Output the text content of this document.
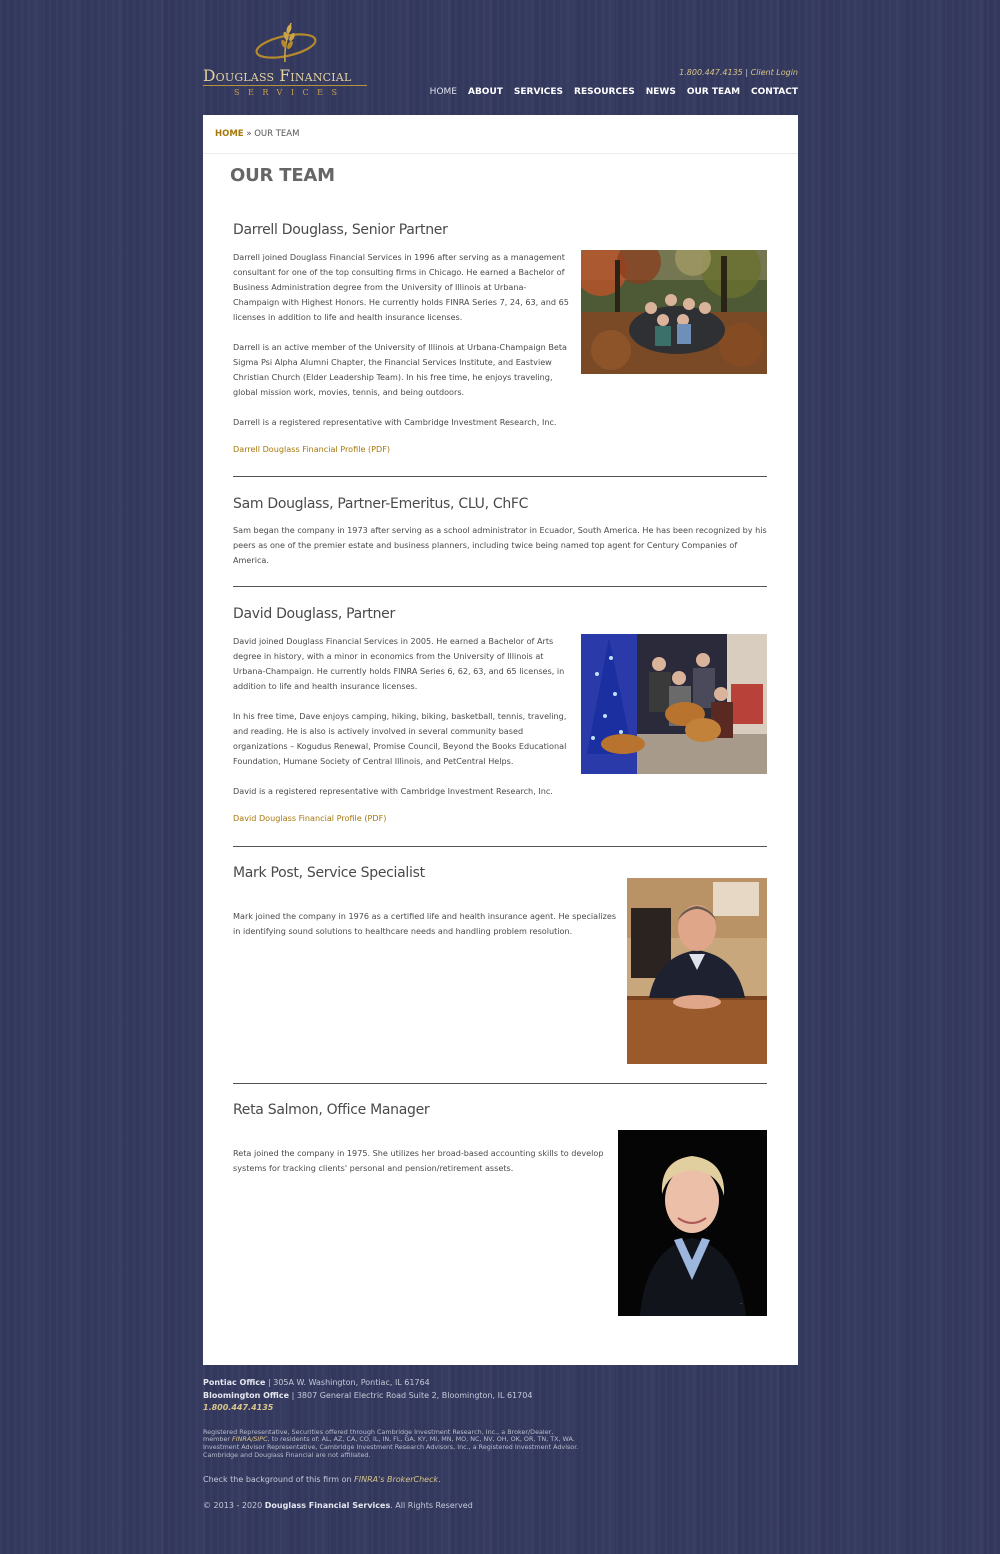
Douglass Financial
SERVICES
1.800.447.4135 | Client Login
HOME ABOUT SERVICES RESOURCES NEWS OUR TEAM CONTACT
HOME » OUR TEAM
OUR TEAM
Darrell Douglass, Senior Partner

Darrell joined Douglass Financial Services in 1996 after serving as a management consultant for one of the top consulting firms in Chicago. He earned a Bachelor of Business Administration degree from the University of Illinois at Urbana-Champaign with Highest Honors. He currently holds FINRA Series 7, 24, 63, and 65 licenses in addition to life and health insurance licenses.

Darrell is an active member of the University of Illinois at Urbana-Champaign Beta Sigma Psi Alpha Alumni Chapter, the Financial Services Institute, and Eastview Christian Church (Elder Leadership Team). In his free time, he enjoys traveling, global mission work, movies, tennis, and being outdoors.

Darrell is a registered representative with Cambridge Investment Research, Inc.

Darrell Douglass Financial Profile (PDF)
Sam Douglass, Partner-Emeritus, CLU, ChFC

Sam began the company in 1973 after serving as a school administrator in Ecuador, South America. He has been recognized by his peers as one of the premier estate and business planners, including twice being named top agent for Century Companies of America.

David Douglass, Partner

David joined Douglass Financial Services in 2005. He earned a Bachelor of Arts degree in history, with a minor in economics from the University of Illinois at Urbana-Champaign. He currently holds FINRA Series 6, 62, 63, and 65 licenses, in addition to life and health insurance licenses.

In his free time, Dave enjoys camping, hiking, biking, basketball, tennis, traveling, and reading. He is also is actively involved in several community based organizations – Kogudus Renewal, Promise Council, Beyond the Books Educational Foundation, Humane Society of Central Illinois, and PetCentral Helps.

David is a registered representative with Cambridge Investment Research, Inc.

David Douglass Financial Profile (PDF)
Mark Post, Service Specialist

Mark joined the company in 1976 as a certified life and health insurance agent. He specializes in identifying sound solutions to healthcare needs and handling problem resolution.

Reta Salmon, Office Manager

Reta joined the company in 1975. She utilizes her broad-based accounting skills to develop systems for tracking clients' personal and pension/retirement assets.

·
Pontiac Office | 305A W. Washington, Pontiac, IL 61764
Bloomington Office | 3807 General Electric Road Suite 2, Bloomington, IL 61704
1.800.447.4135
Registered Representative, Securities offered through Cambridge Investment Research, Inc., a Broker/Dealer,
member FINRA/SIPC, to residents of: AL, AZ, CA, CO, IL, IN, FL, GA, KY, MI, MN, MO, NC, NV, OH, OK, OR, TN, TX, WA.
Investment Advisor Representative, Cambridge Investment Research Advisors, Inc., a Registered Investment Advisor.
Cambridge and Douglass Financial are not affiliated.
Check the background of this firm on FINRA's BrokerCheck.
© 2013 - 2020 Douglass Financial Services. All Rights Reserved
